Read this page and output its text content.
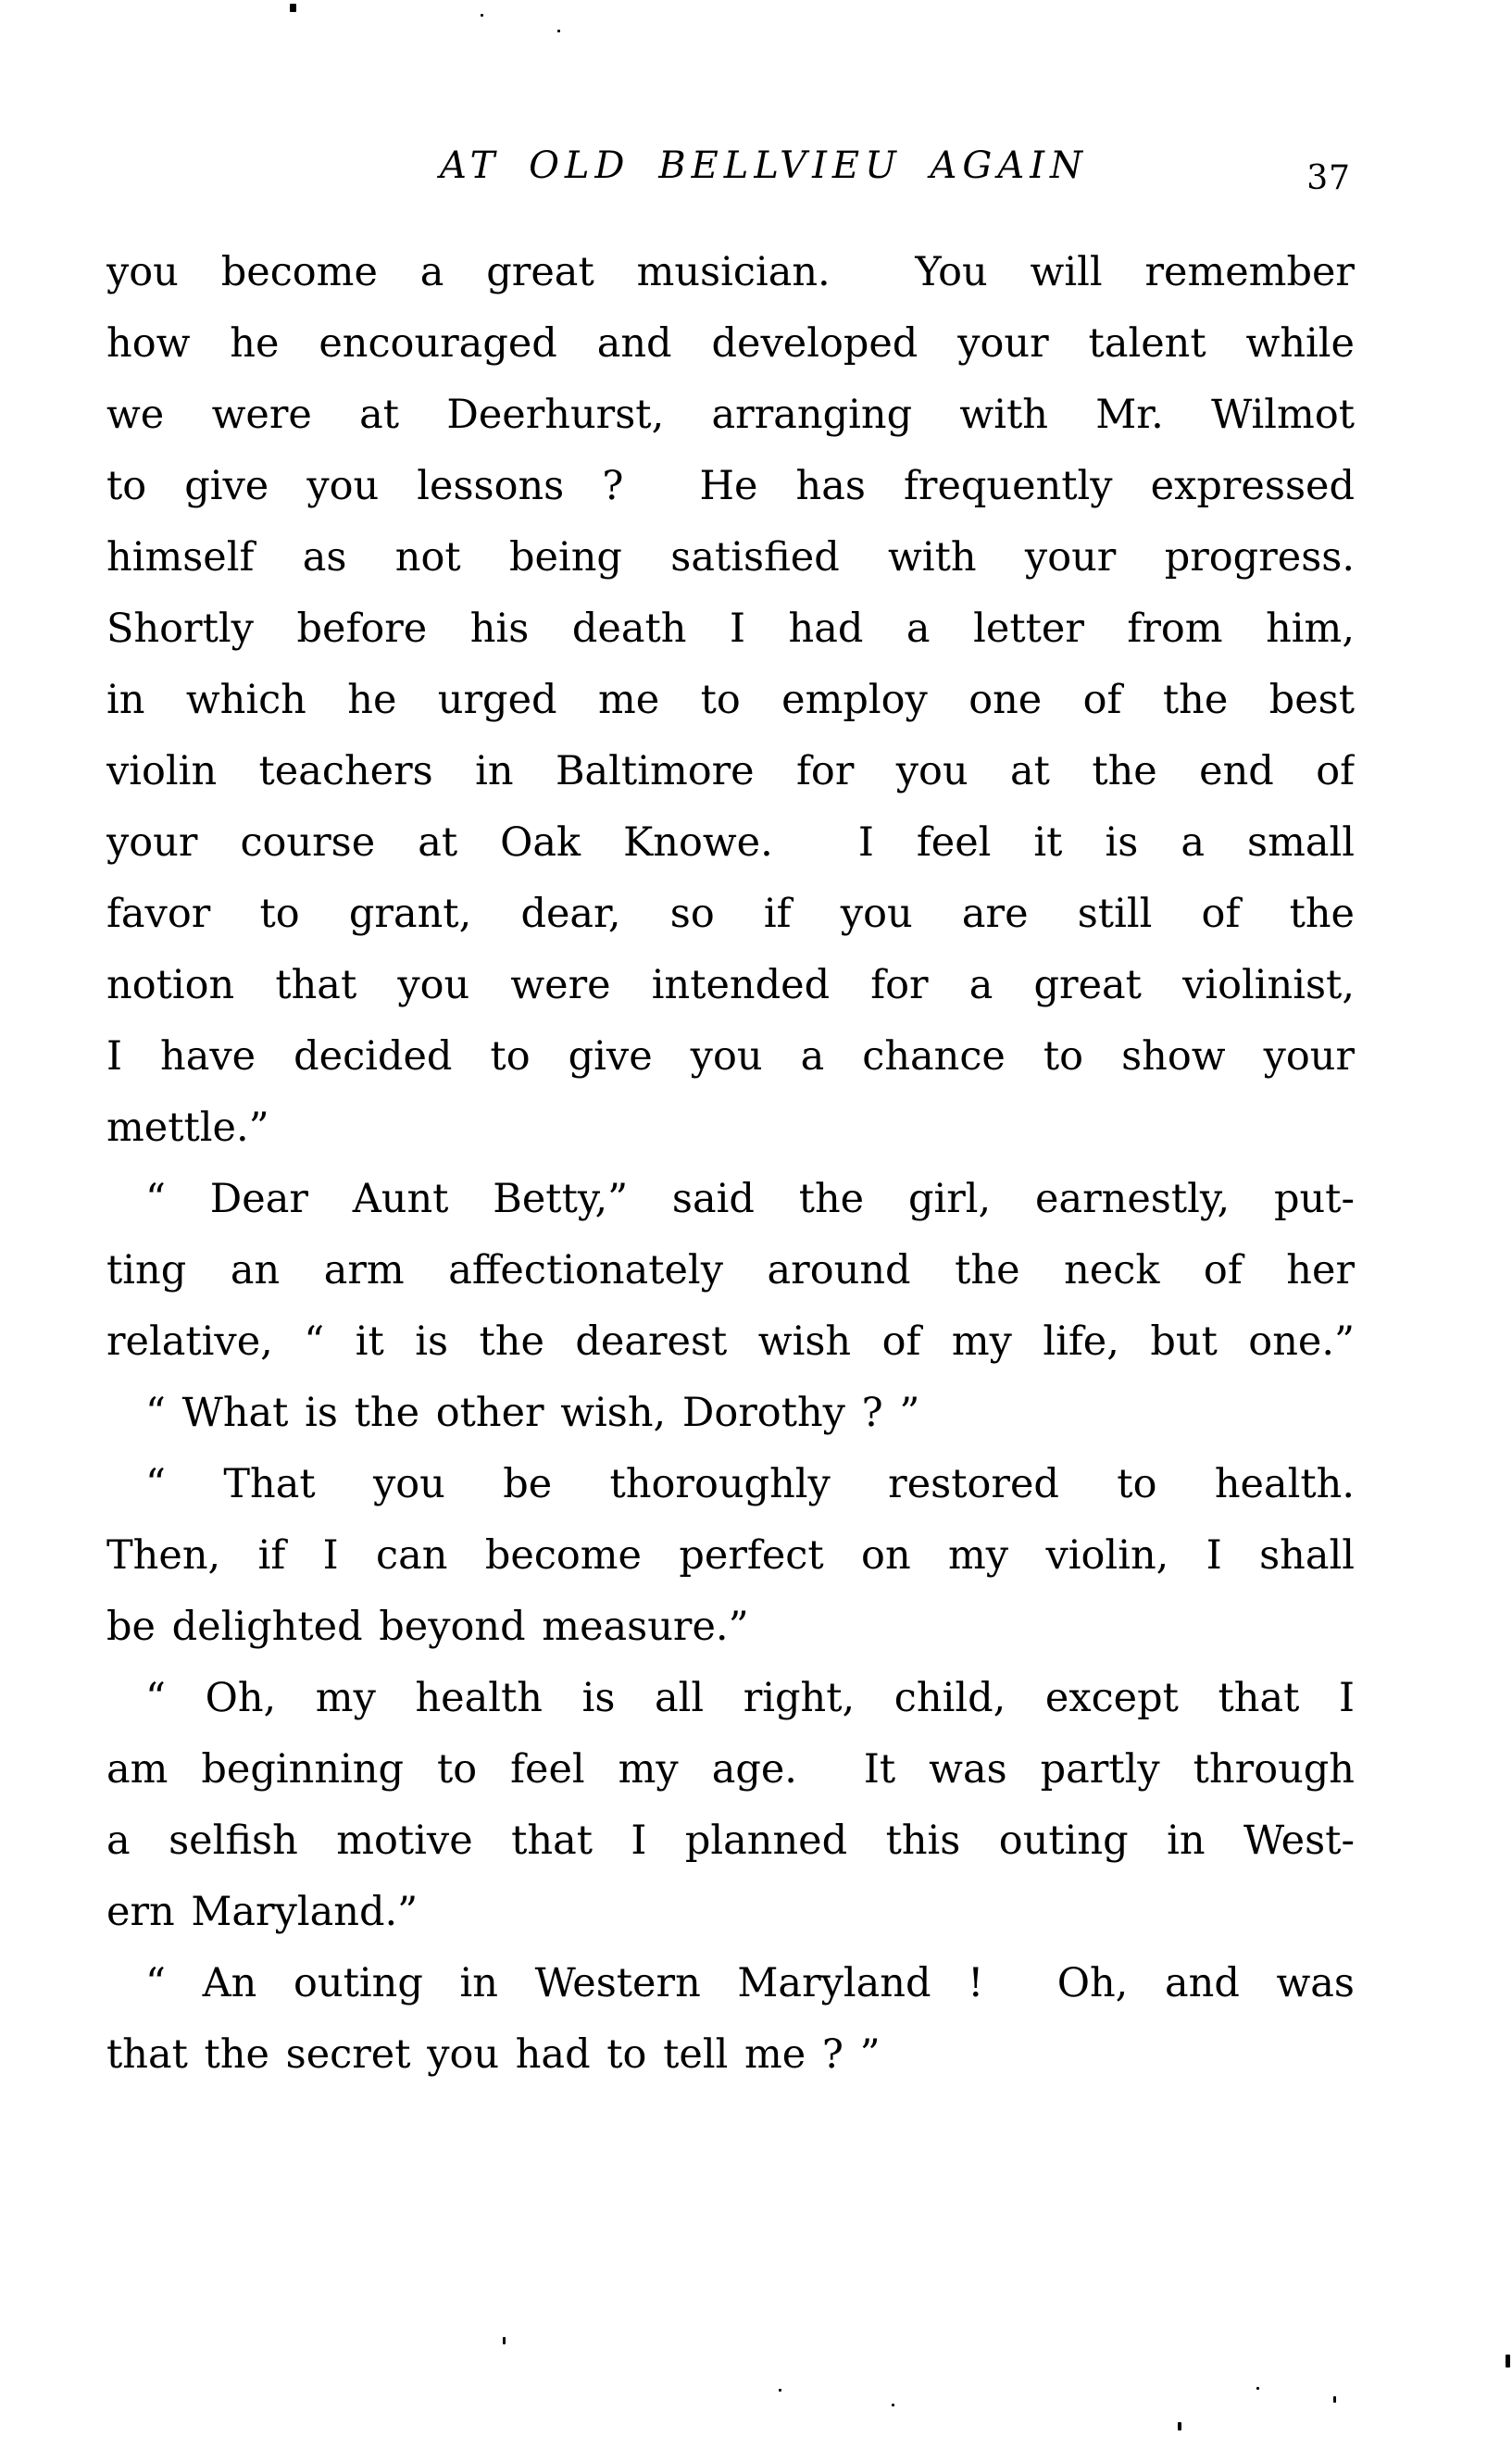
AT OLD BELLVIEU AGAIN	37
you become a great musician.  You will remember
how he encouraged and developed your talent while
we were at Deerhurst, arranging with Mr. Wilmot
to give you lessons ?  He has frequently expressed
himself as not being satisfied with your progress.
Shortly before his death I had a letter from him,
in which he urged me to employ one of the best
violin teachers in Baltimore for you at the end of
your course at Oak Knowe.  I feel it is a small
favor to grant, dear, so if you are still of the
notion that you were intended for a great violinist,
I have decided to give you a chance to show your
mettle.”
“ Dear Aunt Betty,” said the girl, earnestly, put-
ting an arm affectionately around the neck of her
relative, “ it is the dearest wish of my life, but one.”
“ What is the other wish, Dorothy ? ”
“ That you be thoroughly restored to health.
Then, if I can become perfect on my violin, I shall
be delighted beyond measure.”
“ Oh, my health is all right, child, except that I
am beginning to feel my age.  It was partly through
a selfish motive that I planned this outing in West-
ern Maryland.”
“ An outing in Western Maryland !  Oh, and was
that the secret you had to tell me ? ”
